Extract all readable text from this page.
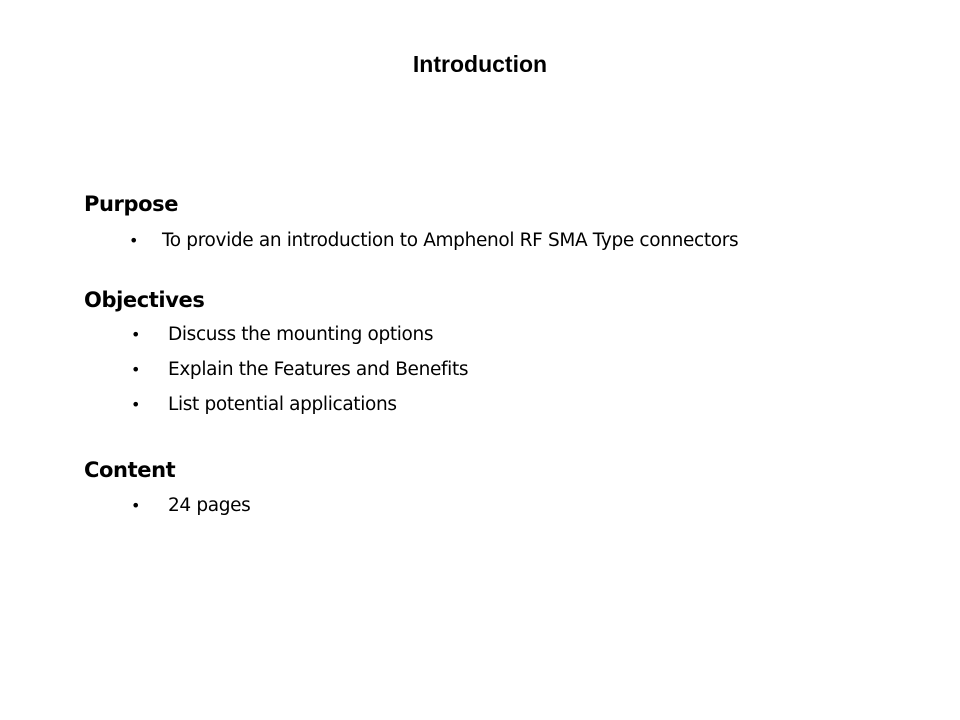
Introduction
Purpose
• To provide an introduction to Amphenol RF SMA Type connectors
Objectives
• Discuss the mounting options
• Explain the Features and Benefits
• List potential applications
Content
• 24 pages
